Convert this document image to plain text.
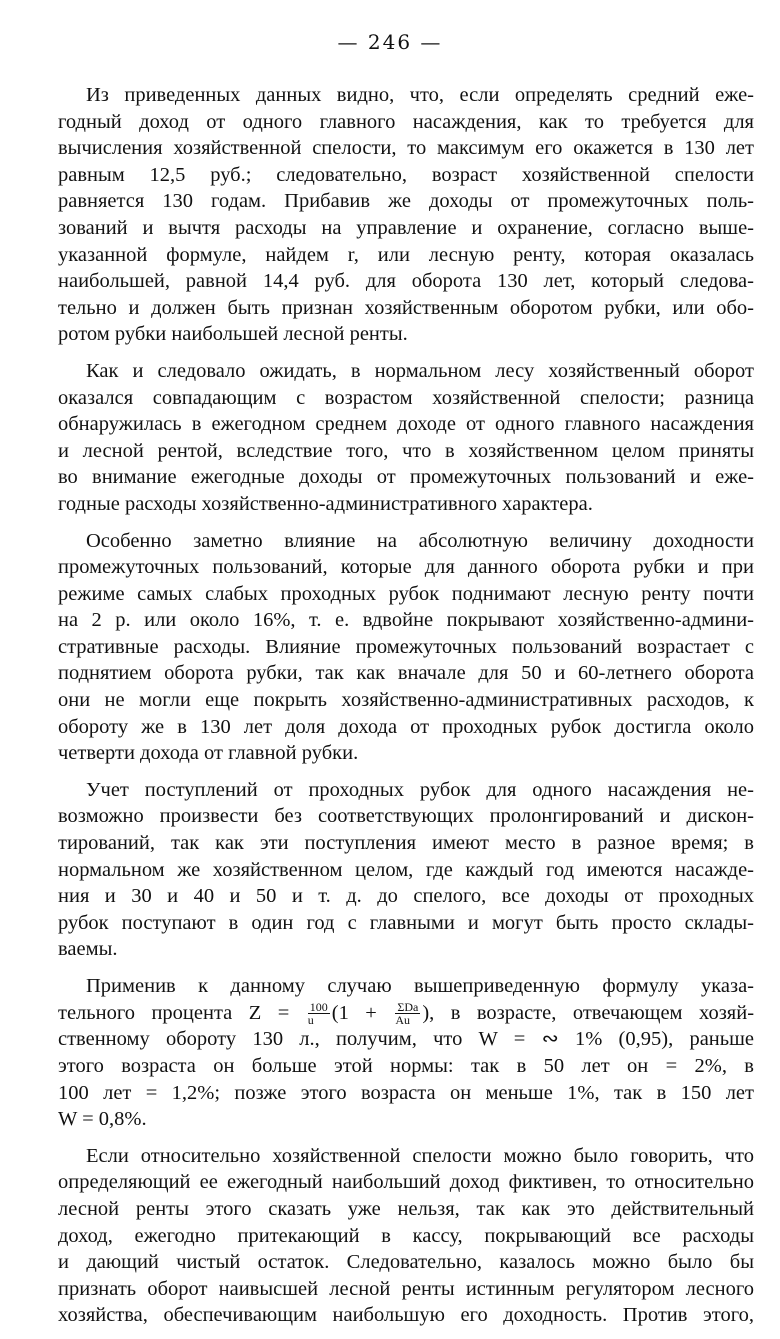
— 246 —
Из приведенных данных видно, что, если определять средний еже-
годный доход от одного главного насаждения, как то требуется для
вычисления хозяйственной спелости, то максимум его окажется в 130 лет
равным 12,5 руб.; следовательно, возраст хозяйственной спелости
равняется 130 годам. Прибавив же доходы от промежуточных поль-
зований и вычтя расходы на управление и охранение, согласно выше-
указанной формуле, найдем r, или лесную ренту, которая оказалась
наибольшей, равной 14,4 руб. для оборота 130 лет, который следова-
тельно и должен быть признан хозяйственным оборотом рубки, или обо-
ротом рубки наибольшей лесной ренты.
Как и следовало ожидать, в нормальном лесу хозяйственный оборот
оказался совпадающим с возрастом хозяйственной спелости; разница
обнаружилась в ежегодном среднем доходе от одного главного насаждения
и лесной рентой, вследствие того, что в хозяйственном целом приняты
во внимание ежегодные доходы от промежуточных пользований и еже-
годные расходы хозяйственно-административного характера.
Особенно заметно влияние на абсолютную величину доходности
промежуточных пользований, которые для данного оборота рубки и при
режиме самых слабых проходных рубок поднимают лесную ренту почти
на 2 р. или около 16%, т. е. вдвойне покрывают хозяйственно-админи-
стративные расходы. Влияние промежуточных пользований возрастает с
поднятием оборота рубки, так как вначале для 50 и 60-летнего оборота
они не могли еще покрыть хозяйственно-административных расходов, к
обороту же в 130 лет доля дохода от проходных рубок достигла около
четверти дохода от главной рубки.
Учет поступлений от проходных рубок для одного насаждения не-
возможно произвести без соответствующих пролонгирований и дискон-
тирований, так как эти поступления имеют место в разное время; в
нормальном же хозяйственном целом, где каждый год имеются насажде-
ния и 30 и 40 и 50 и т. д. до спелого, все доходы от проходных
рубок поступают в один год с главными и могут быть просто склады-
ваемы.
Применив к данному случаю вышеприведенную формулу указа-
тельного процента $Z = \frac{100}{u} (1 + \frac{\text{ΣDa}}{Au}$ ), в возрасте, отвечающем хозяй-
ственному обороту 130 л., получим, что W = ∾ 1% (0,95), раньше
этого возраста он больше этой нормы: так в 50 лет он = 2%, в
100 лет = 1,2%; позже этого возраста он меньше 1%, так в 150 лет
W = 0,8%.
Если относительно хозяйственной спелости можно было говорить, что
определяющий ее ежегодный наибольший доход фиктивен, то относительно
лесной ренты этого сказать уже нельзя, так как это действительный
доход, ежегодно притекающий в кассу, покрывающий все расходы
и дающий чистый остаток. Следовательно, казалось можно было бы
признать оборот наивысшей лесной ренты истинным регулятором лесного
хозяйства, обеспечивающим наибольшую его доходность. Против этого,
